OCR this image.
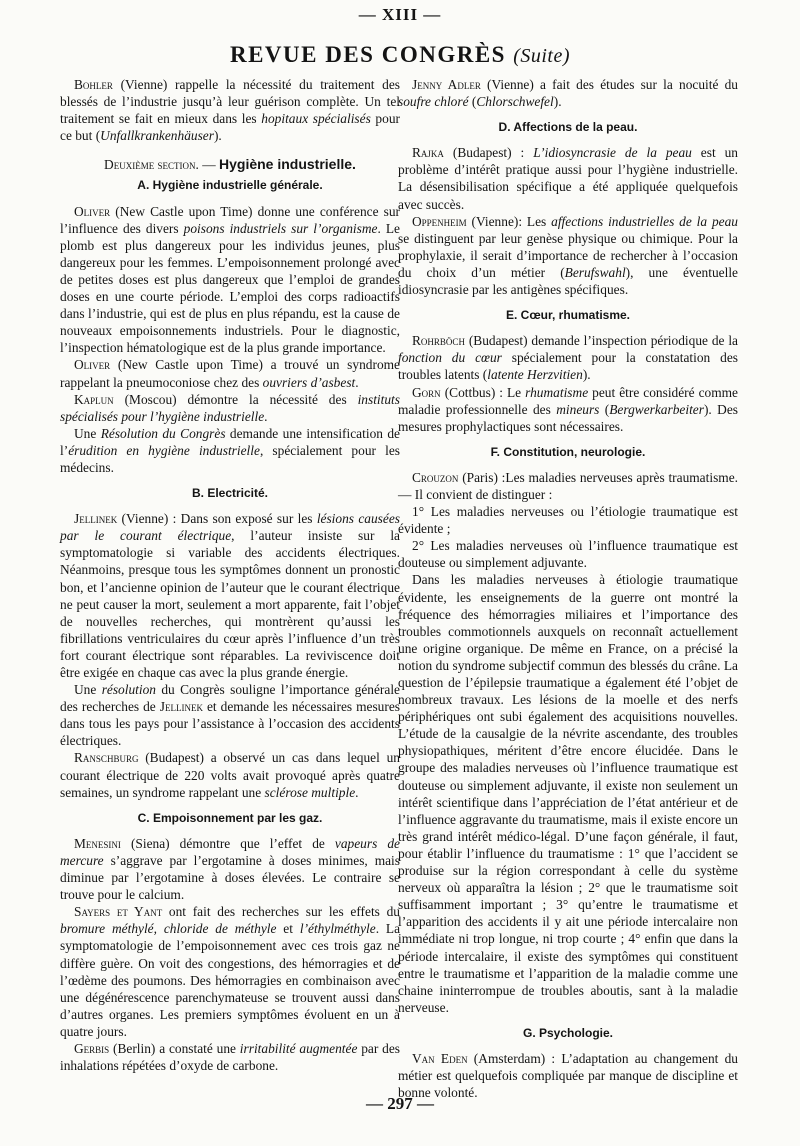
— XIII —
REVUE DES CONGRÈS (Suite)

Bohler (Vienne) rappelle la nécessité du traitement des blessés de l’industrie jusqu’à leur guérison complète. Un tel traitement se fait en mieux dans les hopitaux spécialisés pour ce but (Unfallkrankenhäuser).

Deuxième section. — Hygiène industrielle.
A. Hygiène industrielle générale.

Oliver (New Castle upon Time) donne une conférence sur l’influence des divers poisons industriels sur l’organisme. Le plomb est plus dangereux pour les individus jeunes, plus dangereux pour les femmes. L’empoisonnement prolongé avec de petites doses est plus dangereux que l’emploi de grandes doses en une courte période. L’emploi des corps radioactifs dans l’industrie, qui est de plus en plus répandu, est la cause de nouveaux empoisonnements industriels. Pour le diagnostic, l’inspection hématologique est de la plus grande importance.

Oliver (New Castle upon Time) a trouvé un syndrome rappelant la pneumoconiose chez des ouvriers d’asbest.

Kaplun (Moscou) démontre la nécessité des instituts spécialisés pour l’hygiène industrielle.

Une Résolution du Congrès demande une intensification de l’érudition en hygiène industrielle, spécialement pour les médecins.

B. Electricité.

Jellinek (Vienne) : Dans son exposé sur les lésions causées par le courant électrique, l’auteur insiste sur la symptomatologie si variable des accidents électriques. Néanmoins, presque tous les symptômes donnent un pronostic bon, et l’ancienne opinion de l’auteur que le courant électrique ne peut causer la mort, seulement a mort apparente, fait l’objet de nouvelles recherches, qui montrèrent qu’aussi les fibrillations ventriculaires du cœur après l’influence d’un très fort courant électrique sont réparables. La reviviscence doit être exigée en chaque cas avec la plus grande énergie.

Une résolution du Congrès souligne l’importance générale des recherches de Jellinek et demande les nécessaires mesures dans tous les pays pour l’assistance à l’occasion des accidents électriques.

Ranschburg (Budapest) a observé un cas dans lequel un courant électrique de 220 volts avait provoqué après quatre semaines, un syndrome rappelant une sclérose multiple.

C. Empoisonnement par les gaz.

Menesini (Siena) démontre que l’effet de vapeurs de mercure s’aggrave par l’ergotamine à doses minimes, mais diminue par l’ergotamine à doses élevées. Le contraire se trouve pour le calcium.

Sayers et Yant ont fait des recherches sur les effets du bromure méthylé, chloride de méthyle et l’éthylméthyle. La symptomatologie de l’empoisonnement avec ces trois gaz ne diffère guère. On voit des congestions, des hémorragies et de l’œdème des poumons. Des hémorragies en combinaison avec une dégénérescence parenchymateuse se trouvent aussi dans d’autres organes. Les premiers symptômes évoluent en un à quatre jours.

Gerbis (Berlin) a constaté une irritabilité augmentée par des inhalations répétées d’oxyde de carbone.

Jenny Adler (Vienne) a fait des études sur la nocuité du soufre chloré (Chlorschwefel).

D. Affections de la peau.

Rajka (Budapest) : L’idiosyncrasie de la peau est un problème d’intérêt pratique aussi pour l’hygiène industrielle. La désensibilisation spécifique a été appliquée quelquefois avec succès.

Oppenheim (Vienne): Les affections industrielles de la peau se distinguent par leur genèse physique ou chimique. Pour la prophylaxie, il serait d’importance de rechercher à l’occasion du choix d’un métier (Berufswahl), une éventuelle idiosyncrasie par les antigènes spécifiques.

E. Cœur, rhumatisme.

Rohrböch (Budapest) demande l’inspection périodique de la fonction du cœur spécialement pour la constatation des troubles latents (latente Herzvitien).

Gorn (Cottbus) : Le rhumatisme peut être considéré comme maladie professionnelle des mineurs (Bergwerkarbeiter). Des mesures prophylactiques sont nécessaires.

F. Constitution, neurologie.

Crouzon (Paris) :Les maladies nerveuses après traumatisme. — Il convient de distinguer :

1° Les maladies nerveuses ou l’étiologie traumatique est évidente ;

2° Les maladies nerveuses où l’influence traumatique est douteuse ou simplement adjuvante.

Dans les maladies nerveuses à étiologie traumatique évidente, les enseignements de la guerre ont montré la fréquence des hémorragies miliaires et l’importance des troubles commotionnels auxquels on reconnaît actuellement une origine organique. De même en France, on a précisé la notion du syndrome subjectif commun des blessés du crâne. La question de l’épilepsie traumatique a également été l’objet de nombreux travaux. Les lésions de la moelle et des nerfs périphériques ont subi également des acquisitions nouvelles. L’étude de la causalgie de la névrite ascendante, des troubles physiopathiques, méritent d’être encore élucidée. Dans le groupe des maladies nerveuses où l’influence traumatique est douteuse ou simplement adjuvante, il existe non seulement un intérêt scientifique dans l’appréciation de l’état antérieur et de l’influence aggravante du traumatisme, mais il existe encore un très grand intérêt médico-légal. D’une façon générale, il faut, pour établir l’influence du traumatisme : 1° que l’accident se produise sur la région correspondant à celle du système nerveux où apparaîtra la lésion ; 2° que le traumatisme soit suffisamment important ; 3° qu’entre le traumatisme et l’apparition des accidents il y ait une période intercalaire non immédiate ni trop longue, ni trop courte ; 4° enfin que dans la période intercalaire, il existe des symptômes qui constituent entre le traumatisme et l’apparition de la maladie comme une chaine ininterrompue de troubles aboutis, sant à la maladie nerveuse.

G. Psychologie.

Van Eden (Amsterdam) : L’adaptation au changement du métier est quelquefois compliquée par manque de discipline et bonne volonté.

— 297 —
